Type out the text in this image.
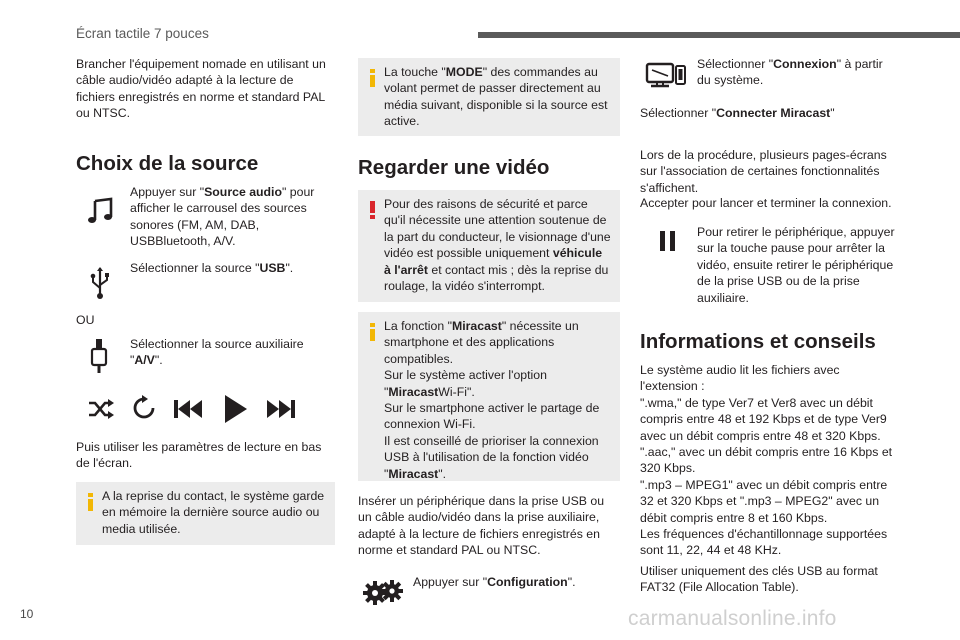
Écran tactile 7 pouces
Brancher l'équipement nomade en utilisant un câble audio/vidéo adapté à la lecture de fichiers enregistrés en norme et standard PAL ou NTSC.
Choix de la source
Appuyer sur "Source audio" pour afficher le carrousel des sources sonores (FM, AM, DAB, USBBluetooth, A/V.
Sélectionner la source "USB".
OU
Sélectionner la source auxiliaire "A/V".
Puis utiliser les paramètres de lecture en bas de l'écran.
A la reprise du contact, le système garde en mémoire la dernière source audio ou media utilisée.
La touche "MODE" des commandes au volant permet de passer directement au média suivant, disponible si la source est active.
Regarder une vidéo
Pour des raisons de sécurité et parce qu'il nécessite une attention soutenue de la part du conducteur, le visionnage d'une vidéo est possible uniquement véhicule à l'arrêt et contact mis ; dès la reprise du roulage, la vidéo s'interrompt.
La fonction "Miracast" nécessite un smartphone et des applications compatibles.
Sur le système activer l'option
"MiracastWi-Fi".
Sur le smartphone activer le partage de connexion Wi-Fi.
Il est conseillé de prioriser la connexion USB à l'utilisation de la fonction vidéo
"Miracast".
Insérer un périphérique dans la prise USB ou un câble audio/vidéo dans la prise auxiliaire, adapté à la lecture de fichiers enregistrés en norme et standard PAL ou NTSC.
Appuyer sur "Configuration".
Sélectionner "Connexion" à partir du système.
Sélectionner "Connecter Miracast"
Lors de la procédure, plusieurs pages-écrans sur l'association de certaines fonctionnalités s'affichent.
Accepter pour lancer et terminer la connexion.
Pour retirer le périphérique, appuyer sur la touche pause pour arrêter la vidéo, ensuite retirer le périphérique de la prise USB ou de la prise auxiliaire.
Informations et conseils
Le système audio lit les fichiers avec
l'extension :
".wma," de type Ver7 et Ver8 avec un débit
compris entre 48 et 192 Kbps et de type Ver9
avec un débit compris entre 48 et 320 Kbps.
".aac," avec un débit compris entre 16 Kbps et
320 Kbps.
".mp3 – MPEG1" avec un débit compris entre
32 et 320 Kbps et ".mp3 – MPEG2" avec un
débit compris entre 8 et 160 Kbps.
Les fréquences d'échantillonnage supportées
sont 11, 22, 44 et 48 KHz.
Utiliser uniquement des clés USB au format FAT32 (File Allocation Table).
10	carmanualsonline.info
